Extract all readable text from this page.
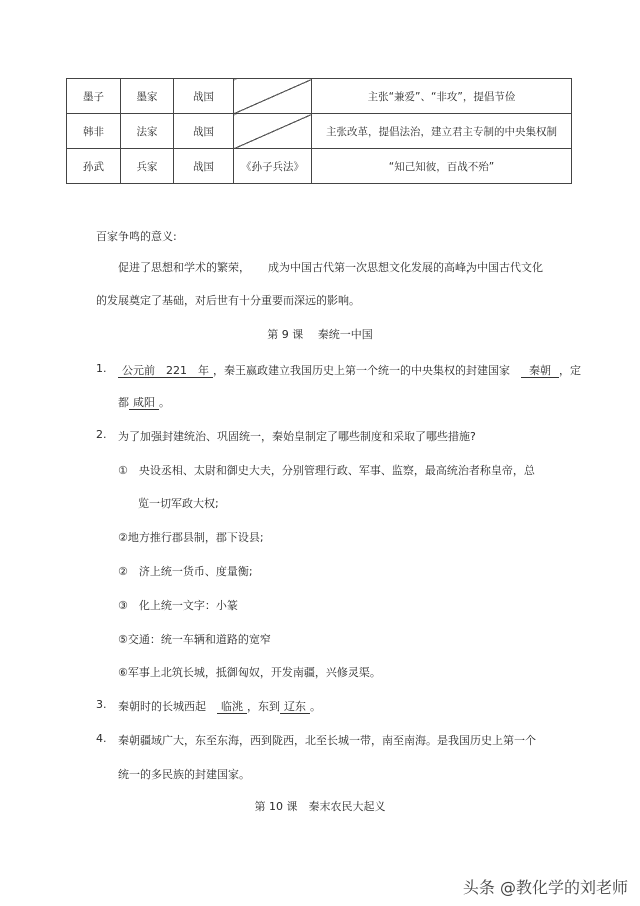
墨子	墨家	战国		主张“兼爱”、“非攻”，提倡节俭
韩非	法家	战国		主张改革，提倡法治，建立君主专制的中央集权制
孙武	兵家	战国	《孙子兵法》	“知己知彼，百战不殆”
百家争鸣的意义:
促进了思想和学术的繁荣， 成为中国古代第一次思想文化发展的高峰，
为中国古代文化
的发展奠定了基础，对后世有十分重要而深远的影响。
第 9 课　 秦统一中国
1.	公元前　221　年 ，秦王嬴政建立我国历史上第一个统一的中央集权的封建国家　 秦朝 ，定
都 咸阳 。
2. 为了加强封建统治、巩固统一，秦始皇制定了哪些制度和采取了哪些措施?
①　央设丞相、太尉和御史大夫，分别管理行政、军事、监察，最高统治者称皇帝，总
览一切军政大权;
②地方推行郡县制，郡下设县;
②　济上统一货币、度量衡;
③　化上统一文字：小篆
⑤交通：统一车辆和道路的宽窄
⑥军事上北筑长城，抵御匈奴，开发南疆，兴修灵渠。
3. 秦朝时的长城西起　 临洮 ，东到 辽东 。
4. 秦朝疆域广大，东至东海，西到陇西，北至长城一带，南至南海。是我国历史上第一个
统一的多民族的封建国家。
第 10 课　秦末农民大起义
头条 @教化学的刘老师
